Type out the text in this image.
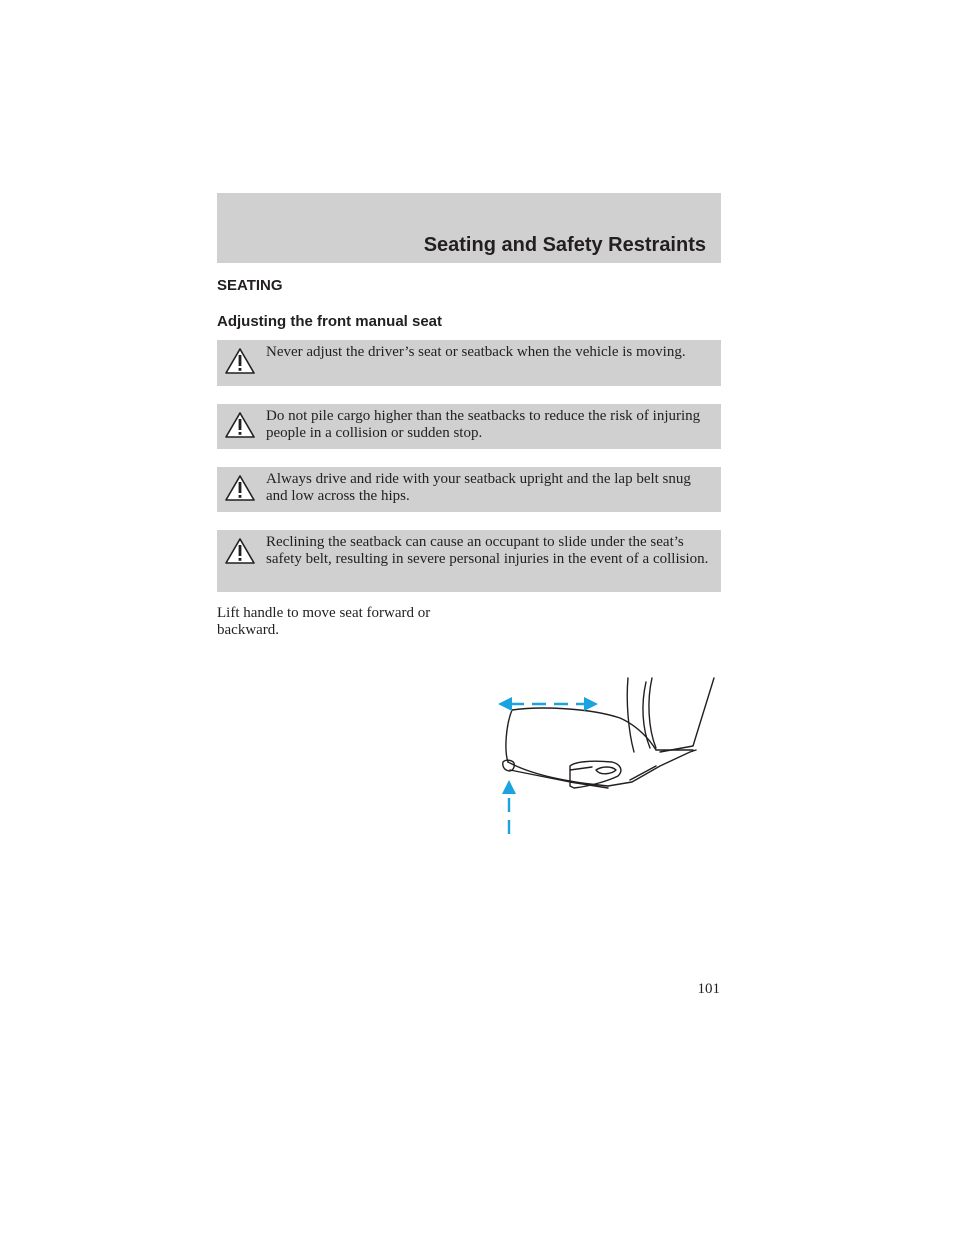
Seating and Safety Restraints
SEATING
Adjusting the front manual seat
Never adjust the driver’s seat or seatback when the vehicle is moving.
Do not pile cargo higher than the seatbacks to reduce the risk of injuring people in a collision or sudden stop.
Always drive and ride with your seatback upright and the lap belt snug and low across the hips.
Reclining the seatback can cause an occupant to slide under the seat’s safety belt, resulting in severe personal injuries in the event of a collision.
Lift handle to move seat forward or backward.
101
